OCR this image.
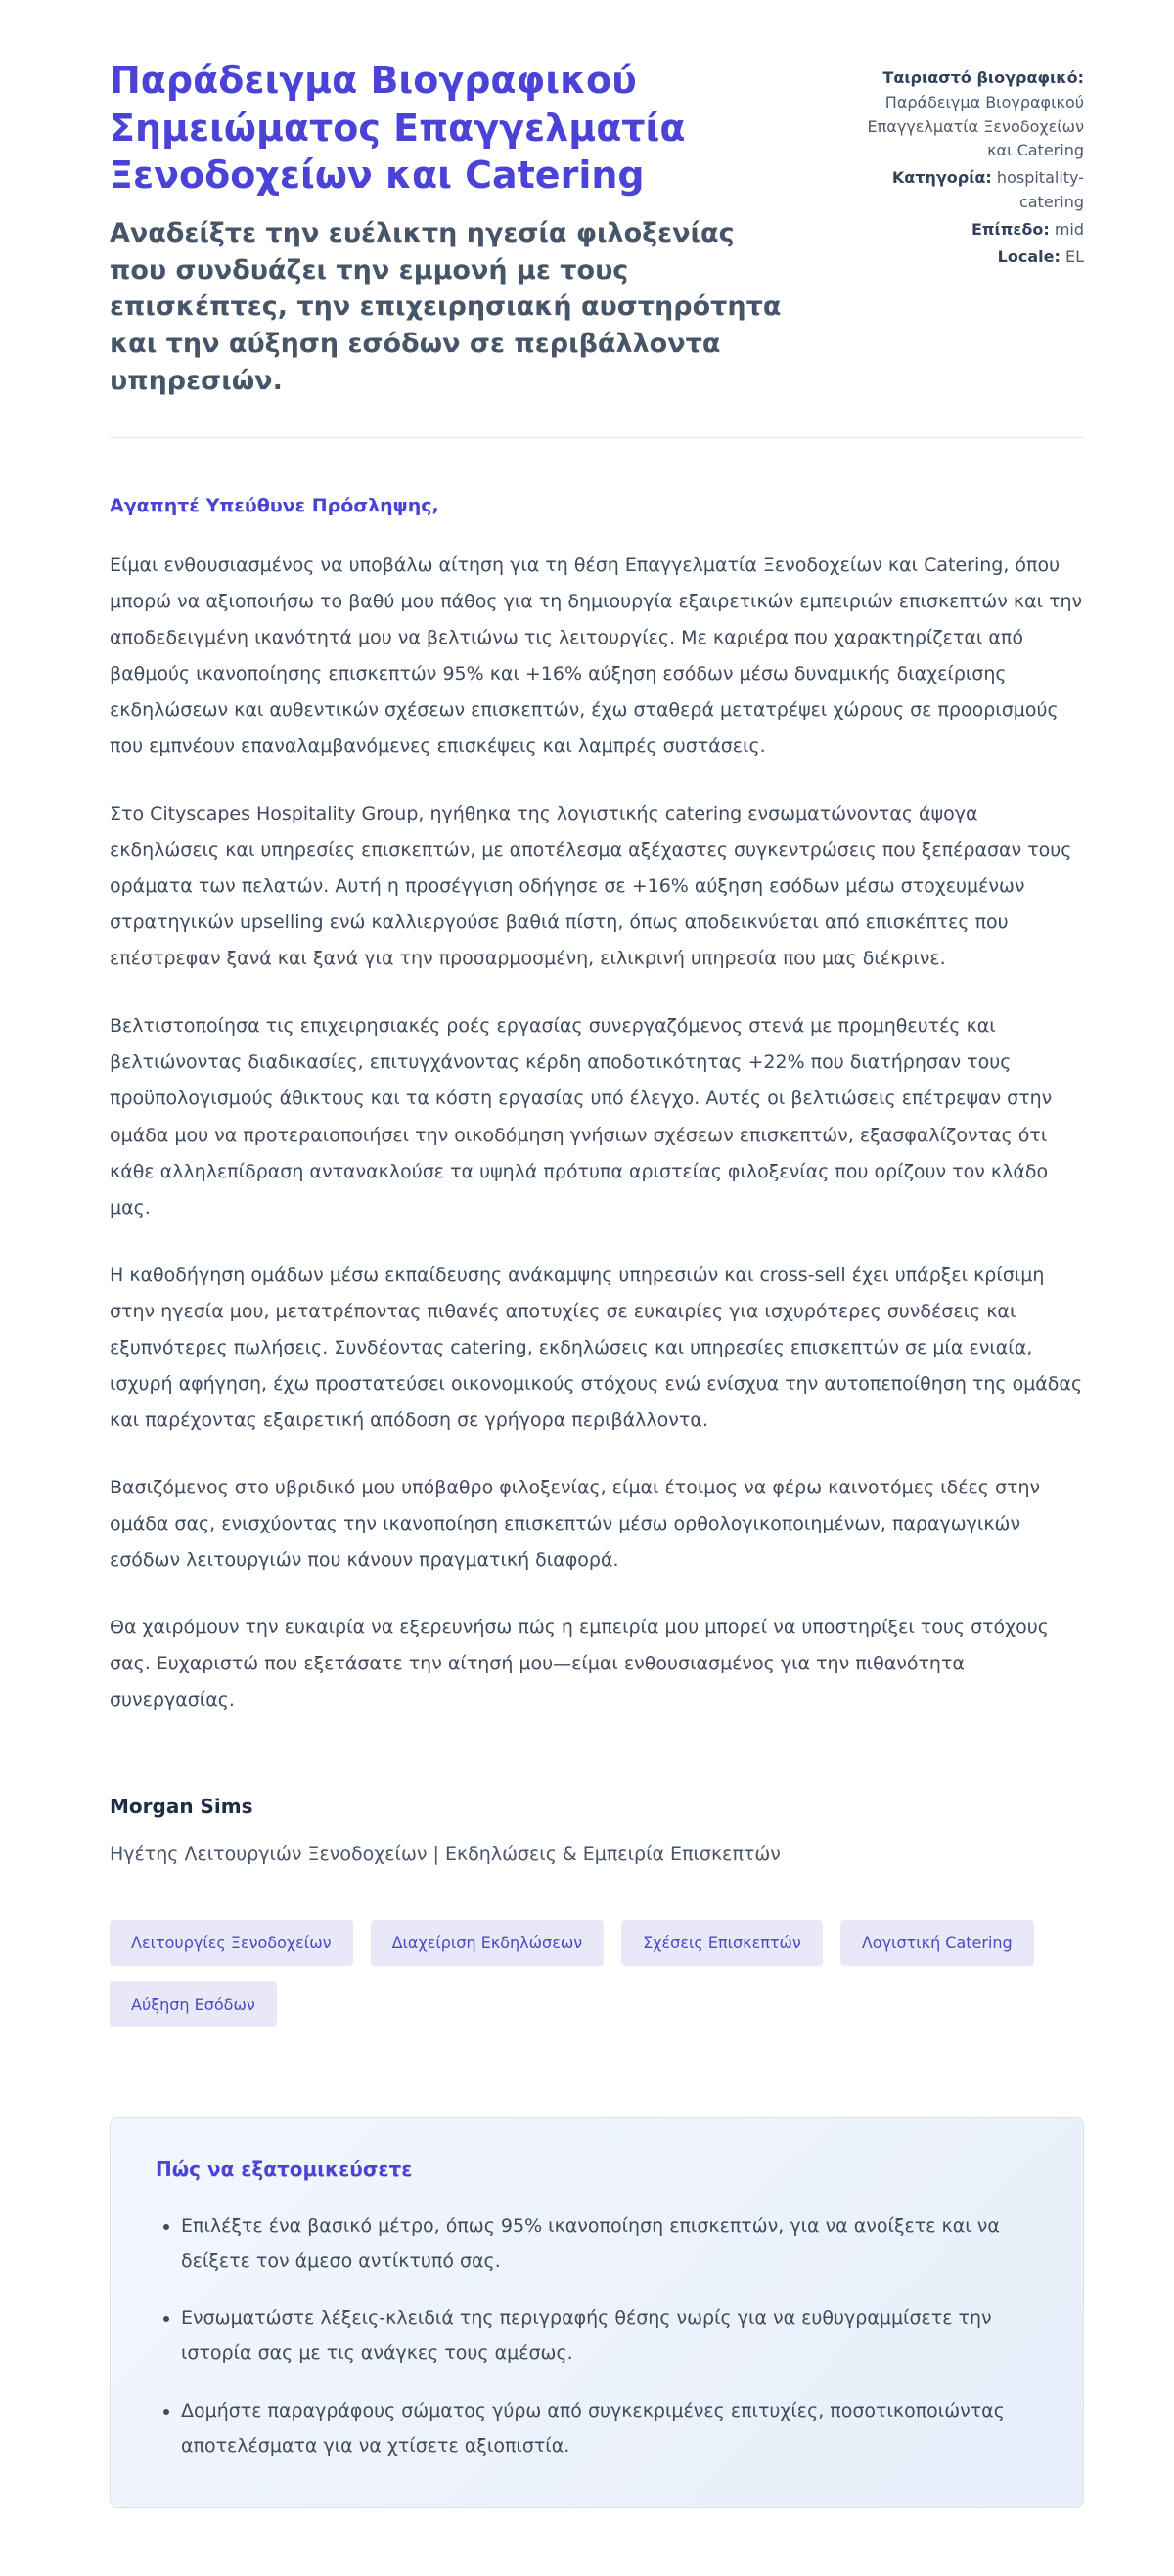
Παράδειγμα Βιογραφικού Σημειώματος Επαγγελματία Ξενοδοχείων και Catering

Αναδείξτε την ευέλικτη ηγεσία φιλοξενίας που συνδυάζει την εμμονή με τους επισκέπτες, την επιχειρησιακή αυστηρότητα και την αύξηση εσόδων σε περιβάλλοντα υπηρεσιών.

Ταιριαστό βιογραφικό: Παράδειγμα Βιογραφικού Επαγγελματία Ξενοδοχείων και Catering
Κατηγορία: hospitality-catering
Επίπεδο: mid
Locale: EL

Αγαπητέ Υπεύθυνε Πρόσληψης,

Είμαι ενθουσιασμένος να υποβάλω αίτηση για τη θέση Επαγγελματία Ξενοδοχείων και Catering, όπου μπορώ να αξιοποιήσω το βαθύ μου πάθος για τη δημιουργία εξαιρετικών εμπειριών επισκεπτών και την αποδεδειγμένη ικανότητά μου να βελτιώνω τις λειτουργίες. Με καριέρα που χαρακτηρίζεται από βαθμούς ικανοποίησης επισκεπτών 95% και +16% αύξηση εσόδων μέσω δυναμικής διαχείρισης εκδηλώσεων και αυθεντικών σχέσεων επισκεπτών, έχω σταθερά μετατρέψει χώρους σε προορισμούς που εμπνέουν επαναλαμβανόμενες επισκέψεις και λαμπρές συστάσεις.

Στο Cityscapes Hospitality Group, ηγήθηκα της λογιστικής catering ενσωματώνοντας άψογα εκδηλώσεις και υπηρεσίες επισκεπτών, με αποτέλεσμα αξέχαστες συγκεντρώσεις που ξεπέρασαν τους οράματα των πελατών. Αυτή η προσέγγιση οδήγησε σε +16% αύξηση εσόδων μέσω στοχευμένων στρατηγικών upselling ενώ καλλιεργούσε βαθιά πίστη, όπως αποδεικνύεται από επισκέπτες που επέστρεφαν ξανά και ξανά για την προσαρμοσμένη, ειλικρινή υπηρεσία που μας διέκρινε.

Βελτιστοποίησα τις επιχειρησιακές ροές εργασίας συνεργαζόμενος στενά με προμηθευτές και βελτιώνοντας διαδικασίες, επιτυγχάνοντας κέρδη αποδοτικότητας +22% που διατήρησαν τους προϋπολογισμούς άθικτους και τα κόστη εργασίας υπό έλεγχο. Αυτές οι βελτιώσεις επέτρεψαν στην ομάδα μου να προτεραιοποιήσει την οικοδόμηση γνήσιων σχέσεων επισκεπτών, εξασφαλίζοντας ότι κάθε αλληλεπίδραση αντανακλούσε τα υψηλά πρότυπα αριστείας φιλοξενίας που ορίζουν τον κλάδο μας.

Η καθοδήγηση ομάδων μέσω εκπαίδευσης ανάκαμψης υπηρεσιών και cross-sell έχει υπάρξει κρίσιμη στην ηγεσία μου, μετατρέποντας πιθανές αποτυχίες σε ευκαιρίες για ισχυρότερες συνδέσεις και εξυπνότερες πωλήσεις. Συνδέοντας catering, εκδηλώσεις και υπηρεσίες επισκεπτών σε μία ενιαία, ισχυρή αφήγηση, έχω προστατεύσει οικονομικούς στόχους ενώ ενίσχυα την αυτοπεποίθηση της ομάδας και παρέχοντας εξαιρετική απόδοση σε γρήγορα περιβάλλοντα.

Βασιζόμενος στο υβριδικό μου υπόβαθρο φιλοξενίας, είμαι έτοιμος να φέρω καινοτόμες ιδέες στην ομάδα σας, ενισχύοντας την ικανοποίηση επισκεπτών μέσω ορθολογικοποιημένων, παραγωγικών εσόδων λειτουργιών που κάνουν πραγματική διαφορά.

Θα χαιρόμουν την ευκαιρία να εξερευνήσω πώς η εμπειρία μου μπορεί να υποστηρίξει τους στόχους σας. Ευχαριστώ που εξετάσατε την αίτησή μου—είμαι ενθουσιασμένος για την πιθανότητα συνεργασίας.

Morgan Sims

Ηγέτης Λειτουργιών Ξενοδοχείων | Εκδηλώσεις & Εμπειρία Επισκεπτών

Λειτουργίες Ξενοδοχείων	Διαχείριση Εκδηλώσεων	Σχέσεις Επισκεπτών	Λογιστική Catering
Αύξηση Εσόδων
Πώς να εξατομικεύσετε
• Επιλέξτε ένα βασικό μέτρο, όπως 95% ικανοποίηση επισκεπτών, για να ανοίξετε και να δείξετε τον άμεσο αντίκτυπό σας.
• Ενσωματώστε λέξεις-κλειδιά της περιγραφής θέσης νωρίς για να ευθυγραμμίσετε την ιστορία σας με τις ανάγκες τους αμέσως.
• Δομήστε παραγράφους σώματος γύρω από συγκεκριμένες επιτυχίες, ποσοτικοποιώντας αποτελέσματα για να χτίσετε αξιοπιστία.
